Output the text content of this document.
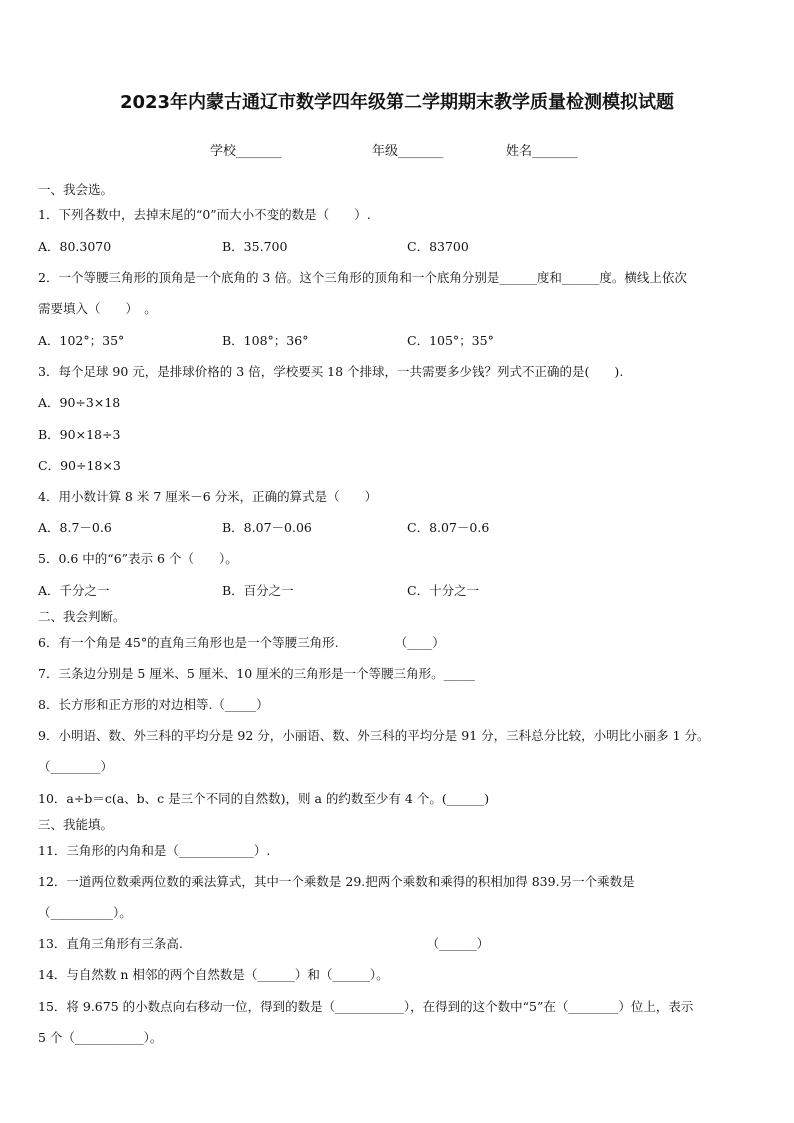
2023年内蒙古通辽市数学四年级第二学期期末教学质量检测模拟试题
学校_______	年级_______	姓名_______
一、我会选。
1．下列各数中，去掉末尾的“0”而大小不变的数是（　　）.
A．80.3070	B．35.700	C．83700
2．一个等腰三角形的顶角是一个底角的 3 倍。这个三角形的顶角和一个底角分别是______度和______度。横线上依次
需要填入（　　）　。
A．102°；35°	B．108°；36°	C．105°；35°
3．每个足球 90 元，是排球价格的 3 倍，学校要买 18 个排球，一共需要多少钱？列式不正确的是(　　).
A．90÷3×18
B．90×18÷3
C．90÷18×3
4．用小数计算 8 米 7 厘米－6 分米，正确的算式是（　　）
A．8.7－0.6	B．8.07－0.06	C．8.07－0.6
5．0.6 中的“6”表示 6 个（　　）。
A．千分之一	B．百分之一	C．十分之一
二、我会判断。
6．有一个角是 45°的直角三角形也是一个等腰三角形.　　　　　（____）
7．三条边分别是 5 厘米、5 厘米、10 厘米的三角形是一个等腰三角形。_____
8．长方形和正方形的对边相等.（_____）
9．小明语、数、外三科的平均分是 92 分，小丽语、数、外三科的平均分是 91 分，三科总分比较，小明比小丽多 1 分。
（________）
10．a÷b＝c(a、b、c 是三个不同的自然数)，则 a 的约数至少有 4 个。(______)
三、我能填。
11．三角形的内角和是（____________）.
12．一道两位数乘两位数的乘法算式，其中一个乘数是 29.把两个乘数和乘得的积相加得 839.另一个乘数是
（__________）。
13．直角三角形有三条高.　　　　　　　　　　　　　　　　　　　　（______）
14．与自然数 n 相邻的两个自然数是（______）和（______）。
15．将 9.675 的小数点向右移动一位，得到的数是（___________），在得到的这个数中“5”在（________）位上，表示
5 个（___________）。
